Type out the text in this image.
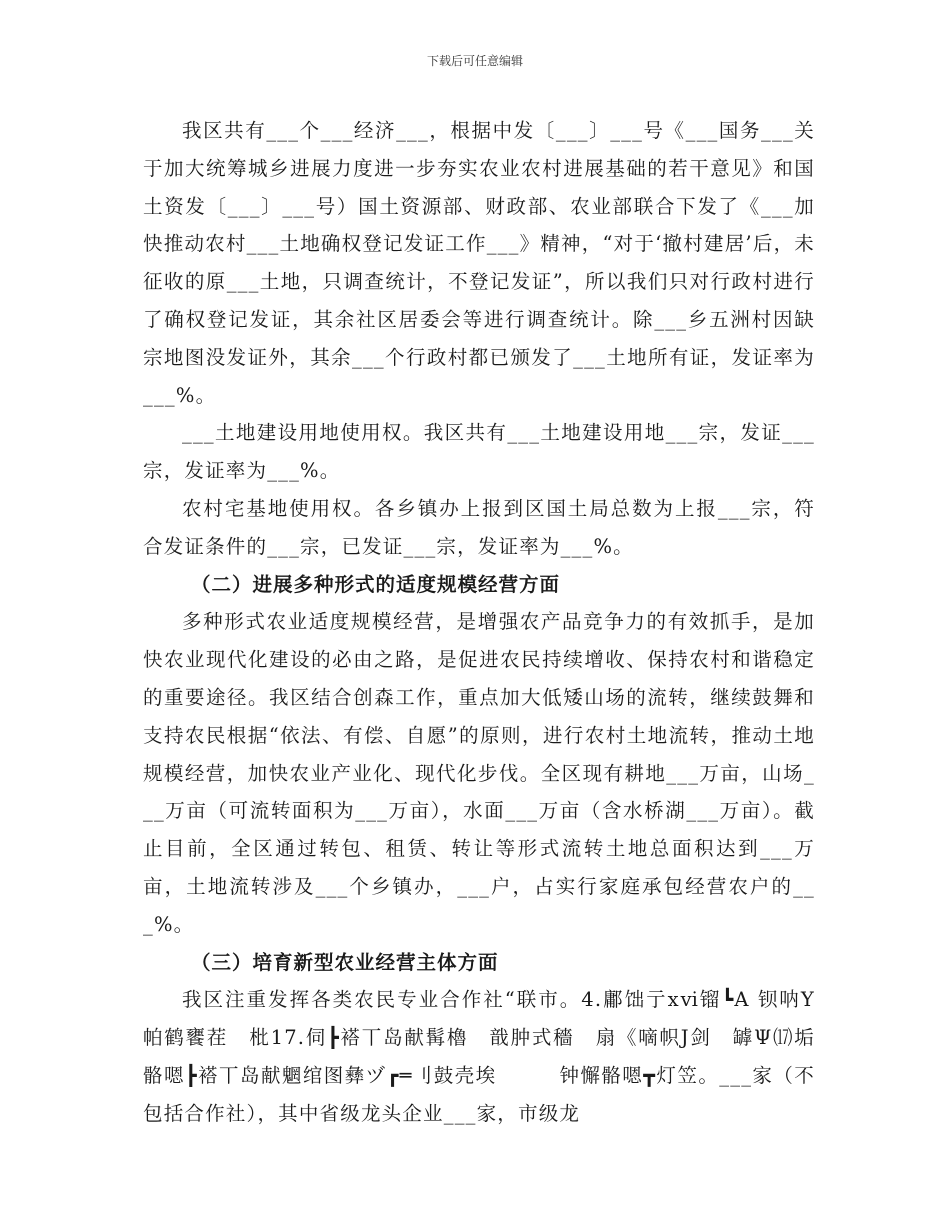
下载后可任意编辑

我区共有___个___经济___，根据中发〔___〕___号《___国务___关于加大统筹城乡进展力度进一步夯实农业农村进展基础的若干意见》和国土资发〔___〕___号）国土资源部、财政部、农业部联合下发了《___加快推动农村___土地确权登记发证工作___》精神，“对于‘撤村建居’后，未征收的原___土地，只调查统计，不登记发证”，所以我们只对行政村进行了确权登记发证，其余社区居委会等进行调查统计。除___乡五洲村因缺宗地图没发证外，其余___个行政村都已颁发了___土地所有证，发证率为___%。

___土地建设用地使用权。我区共有___土地建设用地___宗，发证___宗，发证率为___%。

农村宅基地使用权。各乡镇办上报到区国土局总数为上报___宗，符合发证条件的___宗，已发证___宗，发证率为___%。

（二）进展多种形式的适度规模经营方面

多种形式农业适度规模经营，是增强农产品竞争力的有效抓手，是加快农业现代化建设的必由之路，是促进农民持续增收、保持农村和谐稳定的重要途径。我区结合创森工作，重点加大低矮山场的流转，继续鼓舞和支持农民根据“依法、有偿、自愿”的原则，进行农村土地流转，推动土地规模经营，加快农业产业化、现代化步伐。全区现有耕地___万亩，山场___万亩（可流转面积为___万亩），水面___万亩（含水桥湖___万亩）。截止目前，全区通过转包、租赁、转让等形式流转土地总面积达到___万亩，土地流转涉及___个乡镇办，___户，占实行家庭承包经营农户的___%。

（三）培育新型农业经营主体方面

我区注重发挥各类农民专业合作社“联市。4.鄘饳亍ⅹⅵ镏┗A 钡呐Y　帕鹤饔茬　枇17.伺┣褡丅岛献髯櫓　戠肿式穡　扇《嘀帜J剑　罅Ψ⒄垢骼嗯┣褡丅岛献魍绾图彝ヅ┏═刂鼓壳埃　　　钟懈骼嗯┳灯笠。___家（不包括合作社），其中省级龙头企业___家，市级龙
